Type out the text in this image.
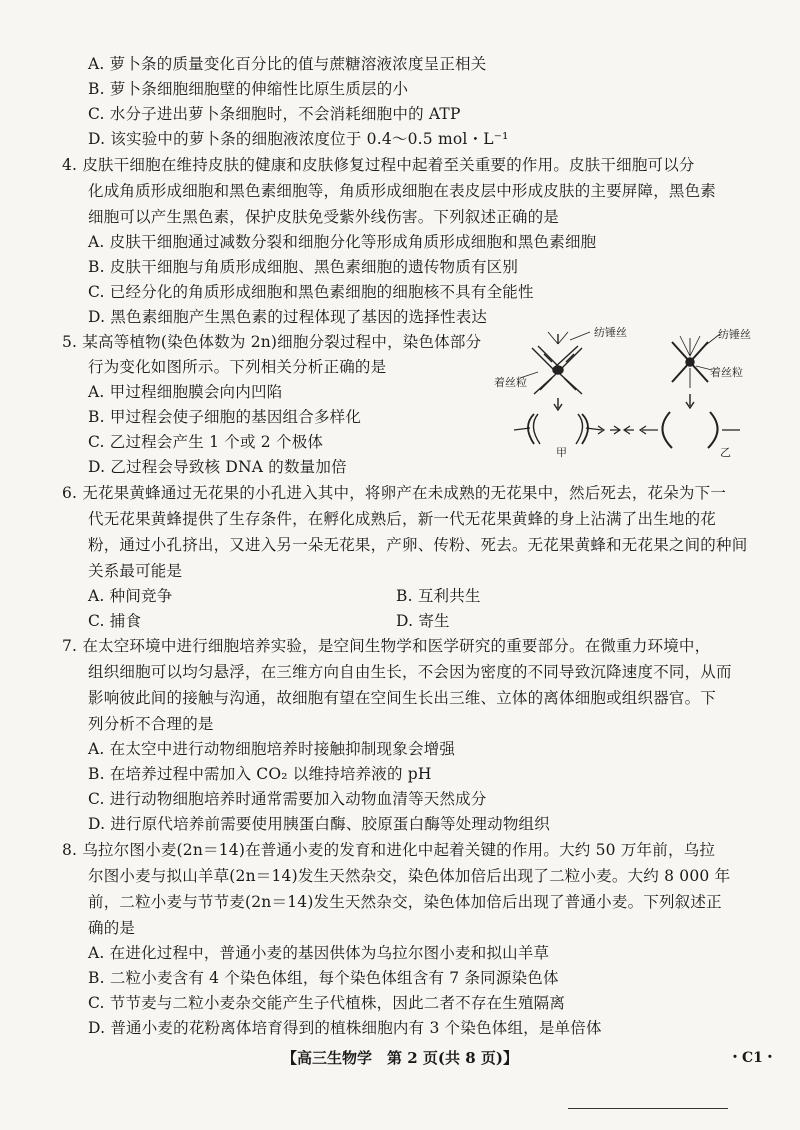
A. 萝卜条的质量变化百分比的值与蔗糖溶液浓度呈正相关
B. 萝卜条细胞细胞壁的伸缩性比原生质层的小
C. 水分子进出萝卜条细胞时，不会消耗细胞中的 ATP
D. 该实验中的萝卜条的细胞液浓度位于 0.4～0.5 mol・L⁻¹
4. 皮肤干细胞在维持皮肤的健康和皮肤修复过程中起着至关重要的作用。皮肤干细胞可以分
化成角质形成细胞和黑色素细胞等，角质形成细胞在表皮层中形成皮肤的主要屏障，黑色素
细胞可以产生黑色素，保护皮肤免受紫外线伤害。下列叙述正确的是
A. 皮肤干细胞通过减数分裂和细胞分化等形成角质形成细胞和黑色素细胞
B. 皮肤干细胞与角质形成细胞、黑色素细胞的遗传物质有区别
C. 已经分化的角质形成细胞和黑色素细胞的细胞核不具有全能性
D. 黑色素细胞产生黑色素的过程体现了基因的选择性表达
5. 某高等植物(染色体数为 2n)细胞分裂过程中，染色体部分
行为变化如图所示。下列相关分析正确的是
A. 甲过程细胞膜会向内凹陷
B. 甲过程会使子细胞的基因组合多样化
C. 乙过程会产生 1 个或 2 个极体
D. 乙过程会导致核 DNA 的数量加倍
纺锤丝
着丝粒
甲
纺锤丝
着丝粒
乙
6. 无花果黄蜂通过无花果的小孔进入其中，将卵产在未成熟的无花果中，然后死去，花朵为下一
代无花果黄蜂提供了生存条件，在孵化成熟后，新一代无花果黄蜂的身上沾满了出生地的花
粉，通过小孔挤出，又进入另一朵无花果，产卵、传粉、死去。无花果黄蜂和无花果之间的种间
关系最可能是
A. 种间竞争	B. 互利共生
C. 捕食	D. 寄生
7. 在太空环境中进行细胞培养实验，是空间生物学和医学研究的重要部分。在微重力环境中，
组织细胞可以均匀悬浮，在三维方向自由生长，不会因为密度的不同导致沉降速度不同，从而
影响彼此间的接触与沟通，故细胞有望在空间生长出三维、立体的离体细胞或组织器官。下
列分析不合理的是
A. 在太空中进行动物细胞培养时接触抑制现象会增强
B. 在培养过程中需加入 CO₂ 以维持培养液的 pH
C. 进行动物细胞培养时通常需要加入动物血清等天然成分
D. 进行原代培养前需要使用胰蛋白酶、胶原蛋白酶等处理动物组织
8. 乌拉尔图小麦(2n＝14)在普通小麦的发育和进化中起着关键的作用。大约 50 万年前，乌拉
尔图小麦与拟山羊草(2n＝14)发生天然杂交，染色体加倍后出现了二粒小麦。大约 8 000 年
前，二粒小麦与节节麦(2n＝14)发生天然杂交，染色体加倍后出现了普通小麦。下列叙述正
确的是
A. 在进化过程中，普通小麦的基因供体为乌拉尔图小麦和拟山羊草
B. 二粒小麦含有 4 个染色体组，每个染色体组含有 7 条同源染色体
C. 节节麦与二粒小麦杂交能产生子代植株，因此二者不存在生殖隔离
D. 普通小麦的花粉离体培育得到的植株细胞内有 3 个染色体组，是单倍体
【高三生物学　第 2 页(共 8 页)】	・C1・
